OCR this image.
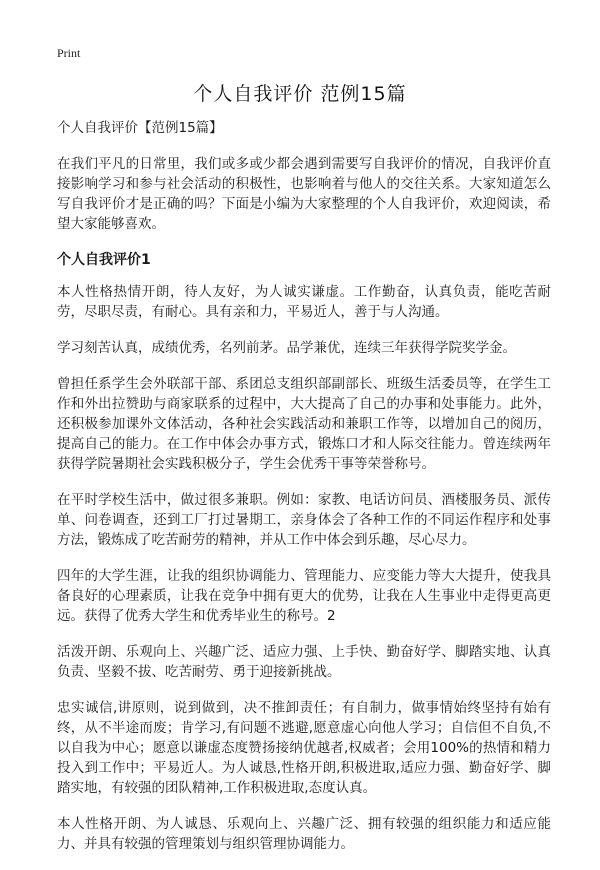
Print
个人自我评价 范例15篇

个人自我评价【范例15篇】

在我们平凡的日常里，我们或多或少都会遇到需要写自我评价的情况，自我评价直接影响学习和参与社会活动的积极性，也影响着与他人的交往关系。大家知道怎么写自我评价才是正确的吗？下面是小编为大家整理的个人自我评价，欢迎阅读，希望大家能够喜欢。

个人自我评价1

本人性格热情开朗，待人友好，为人诚实谦虚。工作勤奋，认真负责，能吃苦耐劳，尽职尽责，有耐心。具有亲和力，平易近人，善于与人沟通。

学习刻苦认真，成绩优秀，名列前茅。品学兼优，连续三年获得学院奖学金。

曾担任系学生会外联部干部、系团总支组织部副部长、班级生活委员等，在学生工作和外出拉赞助与商家联系的过程中，大大提高了自己的办事和处事能力。此外，还积极参加课外文体活动，各种社会实践活动和兼职工作等，以增加自己的阅历，提高自己的能力。在工作中体会办事方式，锻炼口才和人际交往能力。曾连续两年获得学院暑期社会实践积极分子，学生会优秀干事等荣誉称号。

在平时学校生活中，做过很多兼职。例如：家教、电话访问员、酒楼服务员、派传单、问卷调查，还到工厂打过暑期工，亲身体会了各种工作的不同运作程序和处事方法，锻炼成了吃苦耐劳的精神，并从工作中体会到乐趣，尽心尽力。

四年的大学生涯，让我的组织协调能力、管理能力、应变能力等大大提升，使我具备良好的心理素质，让我在竞争中拥有更大的优势，让我在人生事业中走得更高更远。获得了优秀大学生和优秀毕业生的称号。2

活泼开朗、乐观向上、兴趣广泛、适应力强、上手快、勤奋好学、脚踏实地、认真负责、坚毅不拔、吃苦耐劳、勇于迎接新挑战。

忠实诚信,讲原则，说到做到，决不推卸责任；有自制力，做事情始终坚持有始有终，从不半途而废；肯学习,有问题不逃避,愿意虚心向他人学习；自信但不自负,不以自我为中心；愿意以谦虚态度赞扬接纳优越者,权威者；会用100%的热情和精力投入到工作中；平易近人。为人诚恳,性格开朗,积极进取,适应力强、勤奋好学、脚踏实地，有较强的团队精神,工作积极进取,态度认真。

本人性格开朗、为人诚恳、乐观向上、兴趣广泛、拥有较强的组织能力和适应能力、并具有较强的管理策划与组织管理协调能力。
